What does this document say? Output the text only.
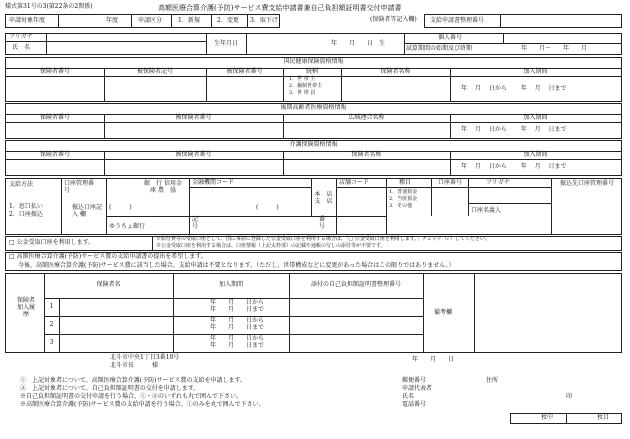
様式第31号の3(第22条の2関係)	高額医療合算介護(予防)サービス費支給申請書兼自己負担額証明書交付申請書
申請対象年度	年度	申請区分	1．新規	2．変更 3．取下げ	(保険者等記入欄) 支給申請書整理番号
フリガナ
氏　名
生年月日	年　　月　　日　生
個人番号
試算期間の始期及び終期	年　　月～　　年　　月
国民健康保険資格情報
保険者番号	被保険者記号	被保険者番号	続柄	保険者名称	加入期間
1．世 帯 主
2．擬制世帯主
3．世 帯 員
年　 月　 日から　　 年　 月　 日まで
後期高齢者医療資格情報
保険者番号	被保険者番号	広域連合名称	加入期間
年　 月　 日から　　 年　 月　 日まで
介護保険資格情報
保険者番号	被保険者番号	保険者名称	加入期間
年　 月　 日から　　 年　 月　 日まで
支給方法
1．窓口払い
2．口座振込
口座管理番　号
振込口座記 入 欄
銀　行 信用金庫 農　協
(　　　)
ゆうちょ銀行
金融機関コード
記　号
番　号
本　店 支　店
(　　　)
店舗コード	種目
1．普通預金
2．当座預金
3．その他
口座番号	フリガナ
口座名義人
振込先口座管理番号
□ 公金受取口座を利用します。	※給付費等の受取口座として、国に事前に登録した公金受取口座を利用する場合は、「□ 公金受取口座を利用します。」チェック（✓）してください。
※公金受取口座を利用する場合は、口座情報（上記太枠部）の記載や通帳の写しの添付等が不要です。
□ 高額医療合算介護(予防)サービス費の支給申請書の提出を希望します。
今後、高額医療合算介護(予防)サービス費に該当した場合、支給申請は不要となります。（ただし、世帯構成などに変更があった場合はこの限りではありません。）
保険者加入履歴
保険者名	加入期間	添付の自己負担額証明書整理番号
備考欄
1
年　　月　　日から
年　　月　　日まで
2
年　　月　　日から
年　　月　　日まで
3
年　　月　　日から
年　　月　　日まで
北斗市中央1丁目3番10号
北斗市長　　　様
年　　月　　日
①　上記対象者について、高額医療合算介護(予防)サービス費の支給を申請します。
②　上記対象者について、自己負担額証明書の交付を申請します。
※自己負担額証明書の交付申請を行う場合、①・②のいずれも丸で囲んで下さい。
※高額医療合算介護(予防)サービス費の支給申請を行う場合、①のみを丸で囲んで下さい。
郵便番号	住所
申請代表者
氏名	印
電話番号
枚中	枚目
